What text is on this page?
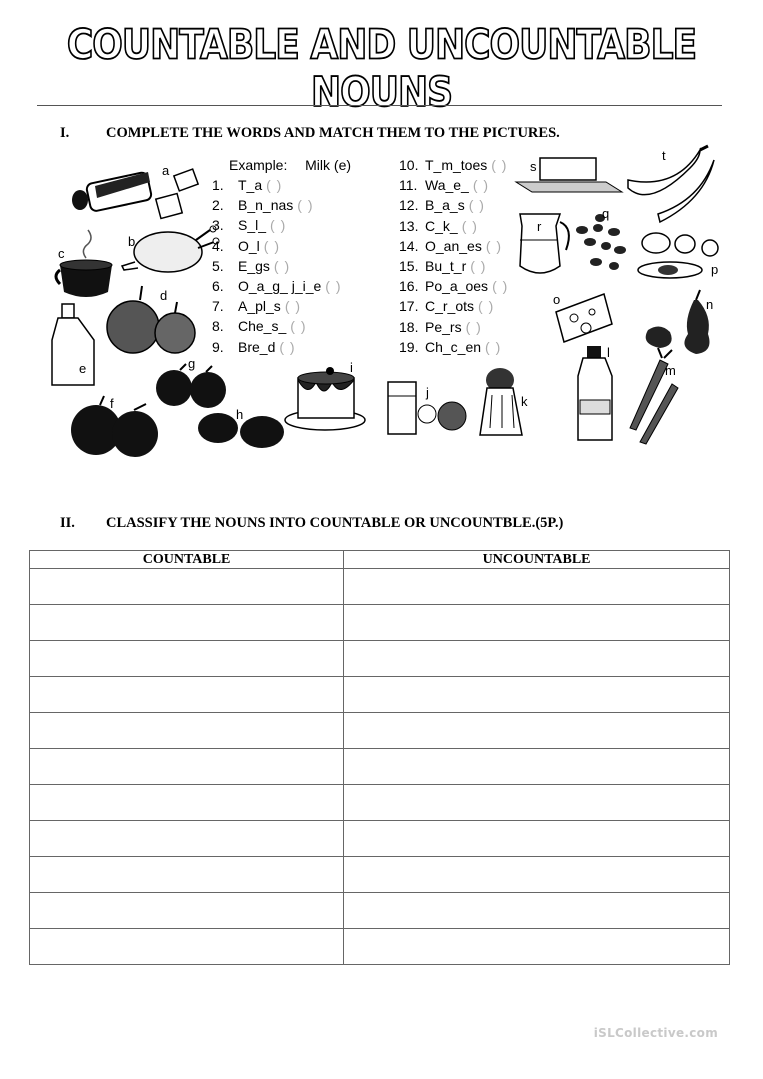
COUNTABLE AND UNCOUNTABLE NOUNS
I.	COMPLETE THE WORDS AND MATCH THEM TO THE PICTURES.
a
b
c
d
e
f
g
h
i
j
k
l
m
n
o
p
q
r
s
t
Example: Milk (e)
1. T_a ( )
2. B_n_nas ( )
3. S_l_ ( )
4. O_l ( )
5. E_gs ( )
6. O_a_g_ j_i_e ( )
7. A_pl_s ( )
8. Che_s_ ( )
9. Bre_d ( )
10. T_m_toes ( )
11. Wa_e_ ( )
12. B_a_s ( )
13. C_k_ ( )
14. O_an_es ( )
15. Bu_t_r ( )
16. Po_a_oes ( )
17. C_r_ots ( )
18. Pe_rs ( )
19. Ch_c_en ( )
II. CLASSIFY THE NOUNS INTO COUNTABLE OR UNCOUNTBLE.(5P.)
COUNTABLE	UNCOUNTABLE

iSLCollective.com
